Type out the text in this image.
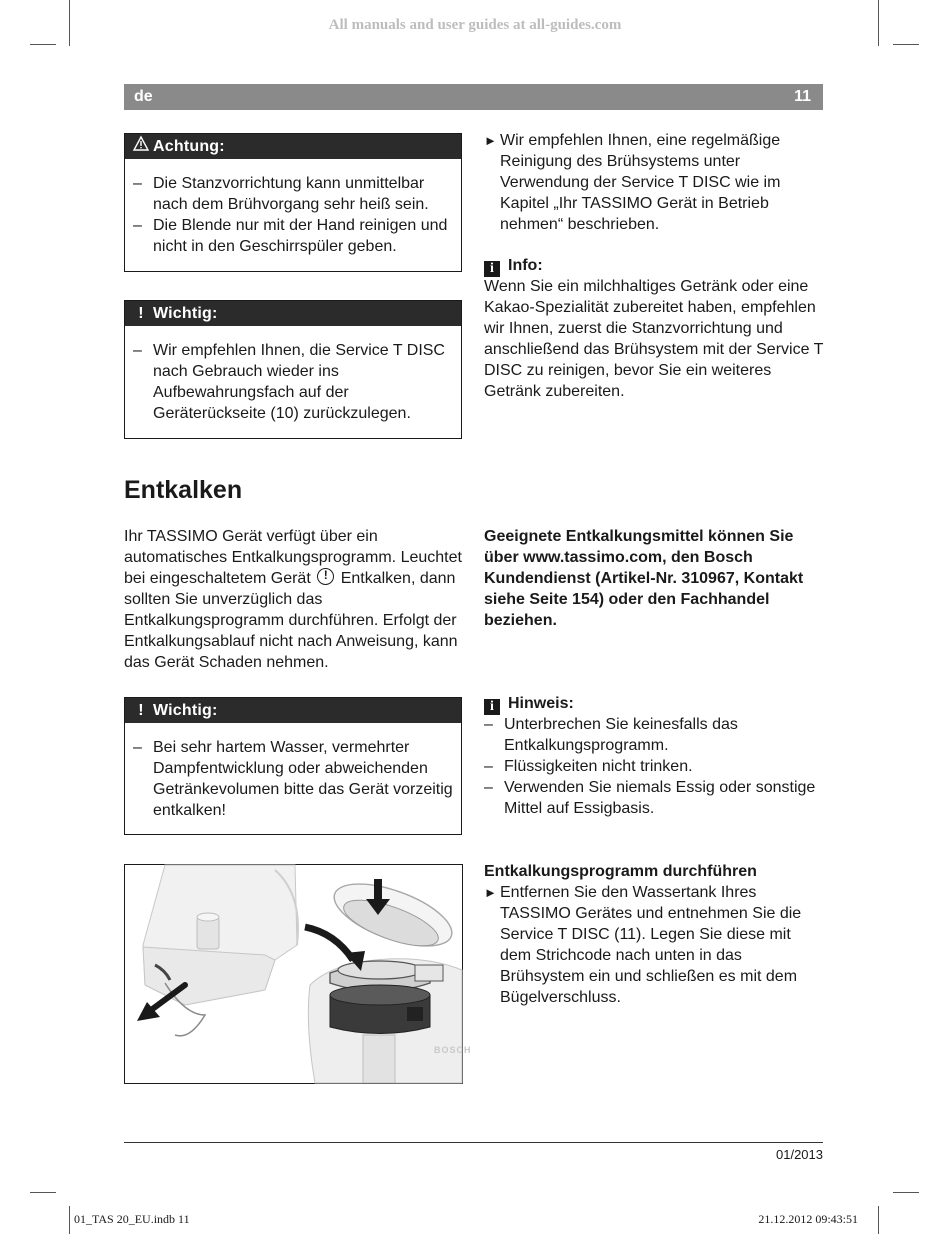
All manuals and user guides at all-guides.com
de	11
Achtung:
– Die Stanzvorrichtung kann unmittelbar nach dem Brühvorgang sehr heiß sein.
– Die Blende nur mit der Hand reinigen und nicht in den Geschirrspüler geben.
! Wichtig:
– Wir empfehlen Ihnen, die Service T DISC nach Gebrauch wieder ins Aufbewahrungsfach auf der Geräterückseite (10) zurückzulegen.
► Wir empfehlen Ihnen, eine regelmäßige Reinigung des Brühsystems unter Verwendung der Service T DISC wie im Kapitel „Ihr TASSIMO Gerät in Betrieb nehmen“ beschrieben.
i Info:
Wenn Sie ein milchhaltiges Getränk oder eine Kakao-Spezialität zubereitet haben, empfehlen wir Ihnen, zuerst die Stanzvorrichtung und anschließend das Brühsystem mit der Service T DISC zu reinigen, bevor Sie ein weiteres Getränk zubereiten.
Entkalken
Ihr TASSIMO Gerät verfügt über ein automatisches Entkalkungsprogramm. Leuchtet bei eingeschaltetem Gerät ! Entkalken, dann sollten Sie unverzüglich das Entkalkungsprogramm durchführen. Erfolgt der Entkalkungsablauf nicht nach Anweisung, kann das Gerät Schaden nehmen.
Geeignete Entkalkungsmittel können Sie über www.tassimo.com, den Bosch Kundendienst (Artikel-Nr. 310967, Kontakt siehe Seite 154) oder den Fachhandel beziehen.
! Wichtig:
– Bei sehr hartem Wasser, vermehrter Dampfentwicklung oder abweichenden Getränkevolumen bitte das Gerät vorzeitig entkalken!
i Hinweis:
– Unterbrechen Sie keinesfalls das Entkalkungsprogramm.
– Flüssigkeiten nicht trinken.
– Verwenden Sie niemals Essig oder sonstige Mittel auf Essigbasis.
Entkalkungsprogramm durchführen
► Entfernen Sie den Wassertank Ihres TASSIMO Gerätes und entnehmen Sie die Service T DISC (11). Legen Sie diese mit dem Strichcode nach unten in das Brühsystem ein und schließen es mit dem Bügelverschluss.
BOSCH
01/2013
01_TAS 20_EU.indb 11	21.12.2012 09:43:51
